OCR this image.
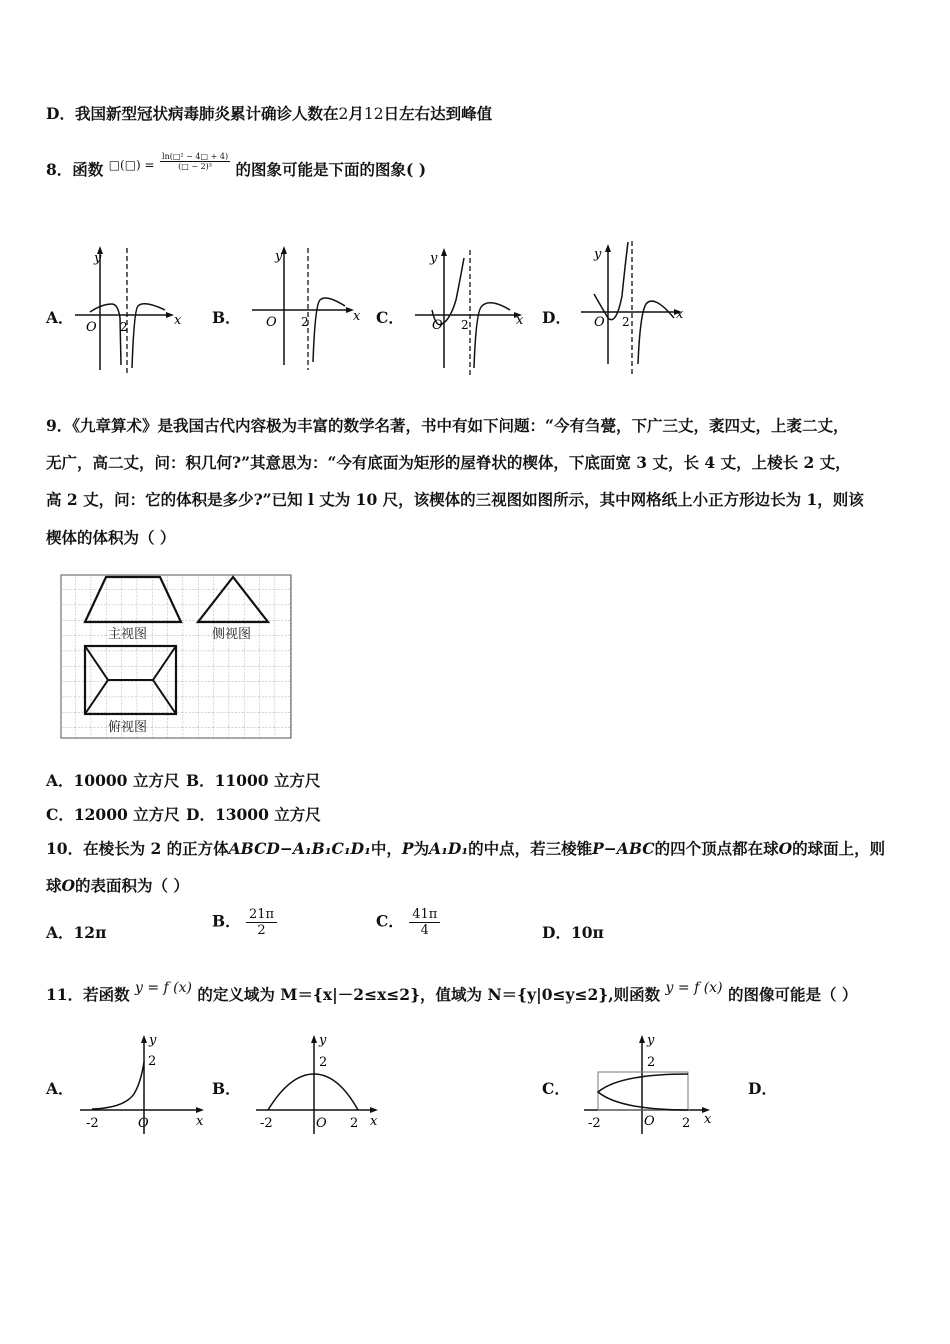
D．我国新型冠状病毒肺炎累计确诊人数在2月12日左右达到峰值
8．函数 $^{□(□) =} \frac{\text{ln(□² − 4□ + 4)}}{\text{(□ − 2)³}}$ 的图象可能是下面的图象( )
A．	B．	C．	D．
y
x
O 2
y
x
O 2
y
x
O 2
y
x
O 2
9．《九章算术》是我国古代内容极为丰富的数学名著，书中有如下问题：“今有刍甍，下广三丈，袤四丈，上袤二丈，
无广，高二丈，问：积几何?”其意思为：“今有底面为矩形的屋脊状的楔体，下底面宽 3 丈，长 4 丈，上棱长 2 丈，
高 2 丈，问：它的体积是多少?”已知 l 丈为 10 尺，该楔体的三视图如图所示，其中网格纸上小正方形边长为 1，则该
楔体的体积为（ ）
主视图	侧视图
俯视图
A．10000 立方尺 B．11000 立方尺
C．12000 立方尺 D．13000 立方尺
10．在棱长为 2 的正方体ABCD−A₁B₁C₁D₁中，P为A₁D₁的中点，若三棱锥P−ABC的四个顶点都在球O的球面上，则
球O的表面积为（ ）
A．12π
B． $\frac{21\pi}{2}$	C． $\frac{41\pi}{4}$	D．10π
11．若函数 y = f (x) 的定义域为 M＝{x|－2≤x≤2}，值域为 N＝{y|0≤y≤2},则函数 y = f (x) 的图像可能是（ ）
A．	B．	C．	D．
y
2
-2	O	x
y
2
-2	O 2 x
y
2
-2	O 2 x
